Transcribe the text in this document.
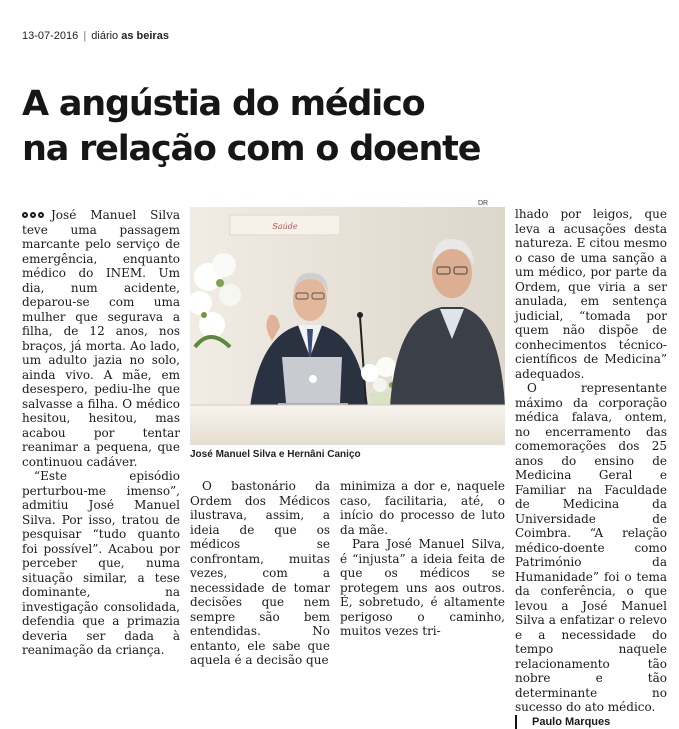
13-07-2016 | diário as beiras
A angústia do médico
na relação com o doente
DR

José Manuel Silva teve uma passagem marcante pelo serviço de emergência, enquanto médico do INEM. Um dia, num acidente, deparou-se com uma mulher que segurava a filha, de 12 anos, nos braços, já morta. Ao lado, um adulto jazia no solo, ainda vivo. A mãe, em desespero, pediu-lhe que salvasse a filha. O médico hesitou, hesitou, mas acabou por tentar reanimar a pequena, que continuou cadáver.

“Este episódio perturbou-me imenso”, admitiu José Manuel Silva. Por isso, tratou de pesquisar “tudo quanto foi possível”. Acabou por perceber que, numa situação similar, a tese dominante, na investigação consolidada, defendia que a primazia deveria ser dada à reanimação da criança.

Saúde
José Manuel Silva e Hernâni Caniço

O bastonário da Ordem dos Médicos ilustrava, assim, a ideia de que os médicos se confrontam, muitas vezes, com a necessidade de tomar decisões que nem sempre são bem entendidas. No entanto, ele sabe que aquela é a decisão que

minimiza a dor e, naquele caso, facilitaria, até, o início do processo de luto da mãe.

Para José Manuel Silva, é “injusta” a ideia feita de que os médicos se protegem uns aos outros. É, sobretudo, é altamente perigoso o caminho, muitos vezes tri-

lhado por leigos, que leva a acusações desta natureza. E citou mesmo o caso de uma sanção a um médico, por parte da Ordem, que viria a ser anulada, em sentença judicial, “tomada por quem não dispõe de conhecimentos técnico-científicos de Medicina” adequados.

O representante máximo da corporação médica falava, ontem, no encerramento das comemorações dos 25 anos do ensino de Medicina Geral e Familiar na Faculdade de Medicina da Universidade de Coimbra. “A relação médico-doente como Património da Humanidade” foi o tema da conferência, o que levou a José Manuel Silva a enfatizar o relevo e a necessidade do tempo naquele relacionamento tão nobre e tão determinante no sucesso do ato médico.

Paulo Marques
